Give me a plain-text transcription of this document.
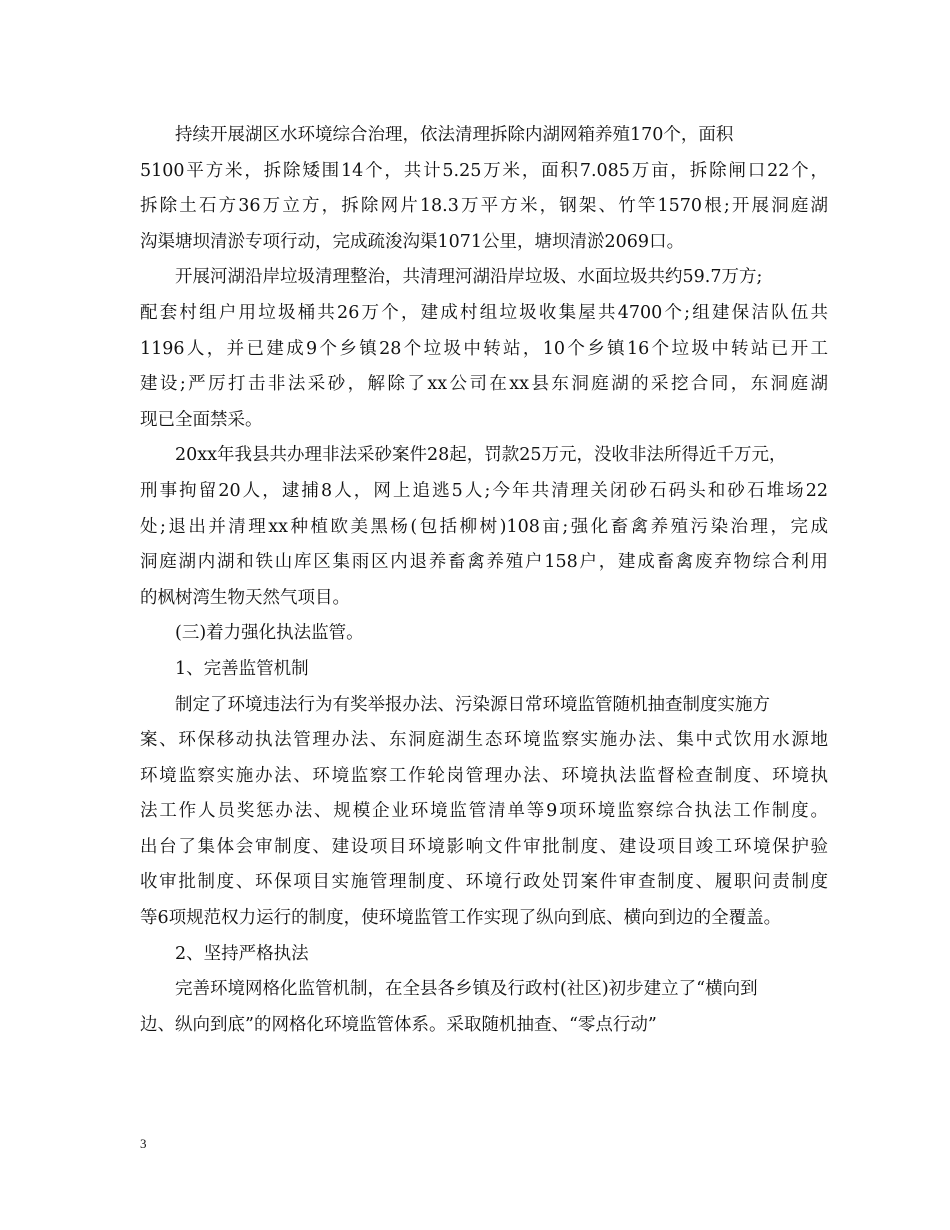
持续开展湖区水环境综合治理，依法清理拆除内湖网箱养殖170个，面积
5100平方米，拆除矮围14个，共计5.25万米，面积7.085万亩，拆除闸口22个，
拆除土石方36万立方，拆除网片18.3万平方米，钢架、竹竿1570根;开展洞庭湖
沟渠塘坝清淤专项行动，完成疏浚沟渠1071公里，塘坝清淤2069口。
开展河湖沿岸垃圾清理整治，共清理河湖沿岸垃圾、水面垃圾共约59.7万方;
配套村组户用垃圾桶共26万个，建成村组垃圾收集屋共4700个;组建保洁队伍共
1196人，并已建成9个乡镇28个垃圾中转站，10个乡镇16个垃圾中转站已开工
建设;严厉打击非法采砂，解除了xx公司在xx县东洞庭湖的采挖合同，东洞庭湖
现已全面禁采。
20xx年我县共办理非法采砂案件28起，罚款25万元，没收非法所得近千万元，
刑事拘留20人，逮捕8人，网上追逃5人;今年共清理关闭砂石码头和砂石堆场22
处;退出并清理xx种植欧美黑杨(包括柳树)108亩;强化畜禽养殖污染治理，完成
洞庭湖内湖和铁山库区集雨区内退养畜禽养殖户158户，建成畜禽废弃物综合利用
的枫树湾生物天然气项目。
(三)着力强化执法监管。
1、完善监管机制
制定了环境违法行为有奖举报办法、污染源日常环境监管随机抽查制度实施方
案、环保移动执法管理办法、东洞庭湖生态环境监察实施办法、集中式饮用水源地
环境监察实施办法、环境监察工作轮岗管理办法、环境执法监督检查制度、环境执
法工作人员奖惩办法、规模企业环境监管清单等9项环境监察综合执法工作制度。
出台了集体会审制度、建设项目环境影响文件审批制度、建设项目竣工环境保护验
收审批制度、环保项目实施管理制度、环境行政处罚案件审查制度、履职问责制度
等6项规范权力运行的制度，使环境监管工作实现了纵向到底、横向到边的全覆盖。
2、坚持严格执法
完善环境网格化监管机制，在全县各乡镇及行政村(社区)初步建立了“横向到
边、纵向到底”的网格化环境监管体系。采取随机抽查、“零点行动”
3
